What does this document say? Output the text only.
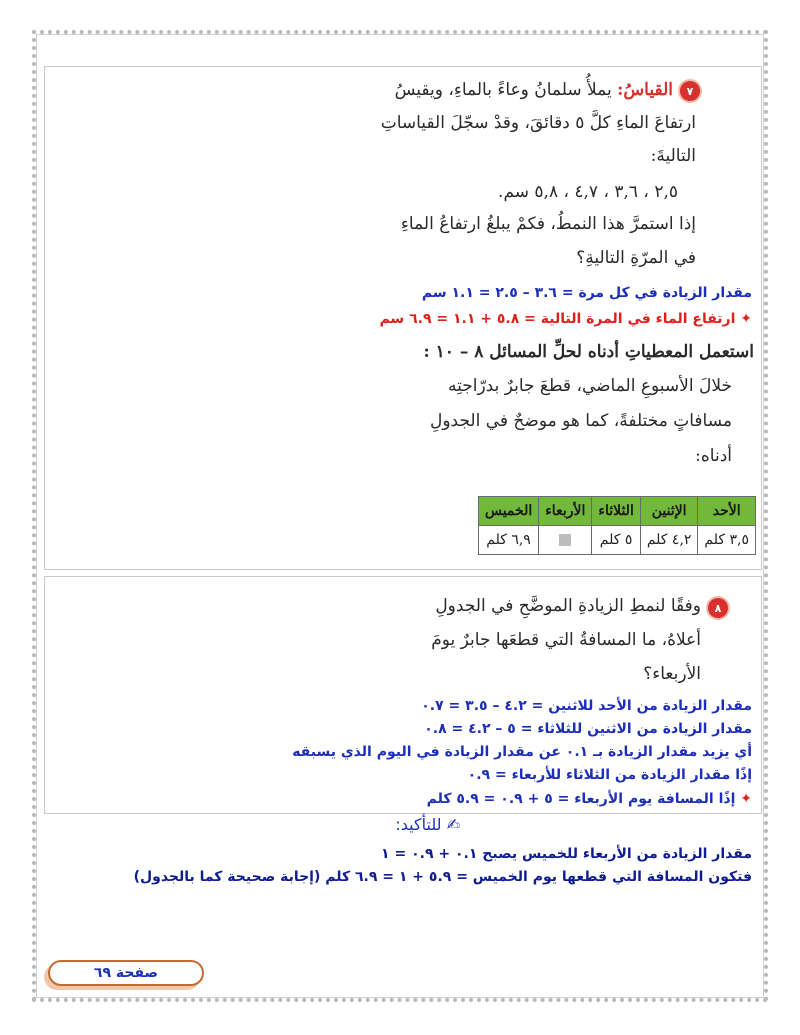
٧
القياسُ: يملأُ سلمانُ وعاءً بالماءِ، ويقيسُ
ارتفاعَ الماءِ كلَّ ٥ دقائقَ، وقدْ سجّلَ القياساتِ
التاليةَ:
٢,٥ ، ٣,٦ ، ٤,٧ ، ٥,٨ سم.
إذا استمرَّ هذا النمطُ، فكمْ يبلغُ ارتفاعُ الماءِ
في المرّةِ التاليةِ؟
مقدار الزيادة في كل مرة = ٣.٦ – ٢.٥ = ١.١ سم
✦ ارتفاع الماء في المرة التالية = ٥.٨ + ١.١ = ٦.٩ سم
استعمل المعطياتِ أدناه لحلِّ المسائل ٨ – ١٠ :
خلالَ الأسبوعِ الماضي، قطعَ جابرٌ بدرّاجتِه
مسافاتٍ مختلفةً، كما هو موضحٌ في الجدولِ
أدناه:
الأحد	الإثنين	الثلاثاء	الأربعاء	الخميس
٣,٥ كلم	٤,٢ كلم	٥ كلم		٦,٩ كلم
٨
وفقًا لنمطِ الزيادةِ الموضَّحِ في الجدولِ
أعلاهُ، ما المسافةُ التي قطعَها جابرٌ يومَ
الأربعاء؟
مقدار الزيادة من الأحد للاثنين = ٤.٢ – ٣.٥ = ٠.٧
مقدار الزيادة من الاثنين للثلاثاء = ٥ – ٤.٢ = ٠.٨
أي يزيد مقدار الزيادة بـ ٠.١ عن مقدار الزيادة في اليوم الذي يسبقه
إذًا مقدار الزيادة من الثلاثاء للأربعاء = ٠.٩
✦ إذًا المسافة يوم الأربعاء = ٥ + ٠.٩ = ٥.٩ كلم
✍ للتأكيد:
مقدار الزيادة من الأربعاء للخميس يصبح ٠.١ + ٠.٩ = ١
فتكون المسافة التي قطعها يوم الخميس = ٥.٩ + ١ = ٦.٩ كلم (إجابة صحيحة كما بالجدول)
صفحة ٦٩
